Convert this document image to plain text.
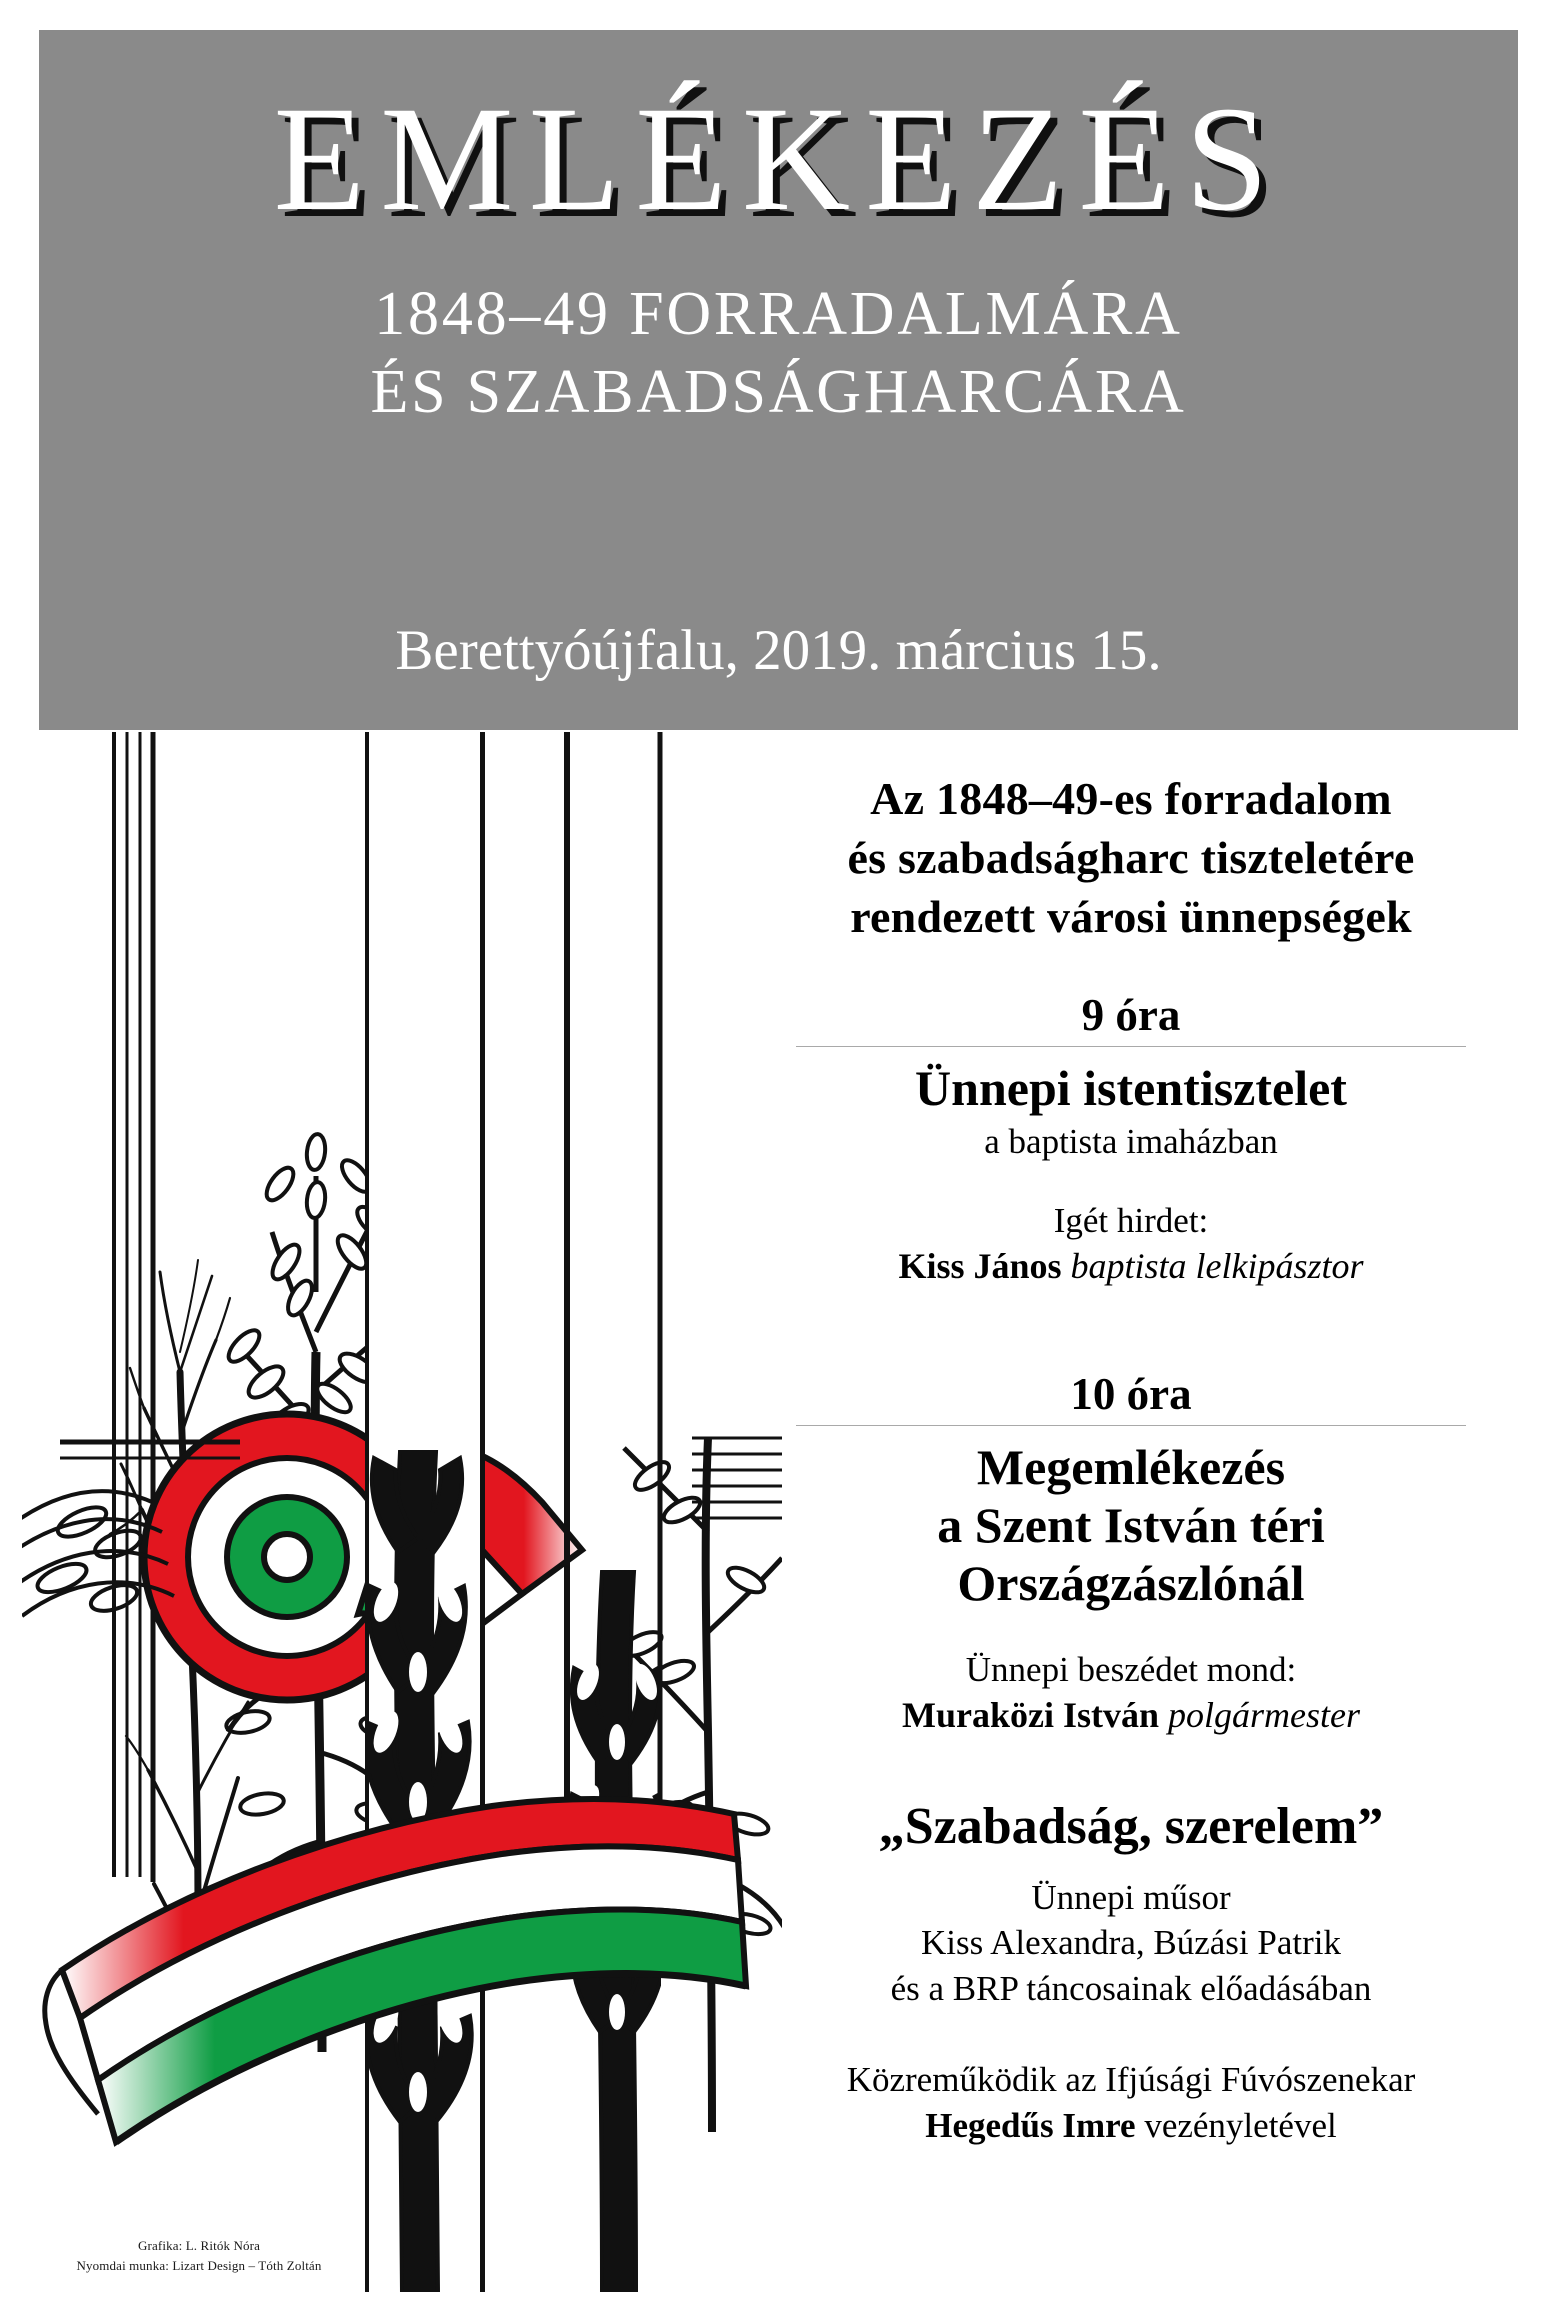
EMLÉKEZÉS
1848–49 FORRADALMÁRA
ÉS SZABADSÁGHARCÁRA
Berettyóújfalu, 2019. március 15.
Grafika: L. Ritók Nóra
Nyomdai munka: Lizart Design – Tóth Zoltán
Az 1848–49-es forradalom
és szabadságharc tiszteletére
rendezett városi ünnepségek
9 óra
Ünnepi istentisztelet
a baptista imaházban
Igét hirdet:
Kiss János baptista lelkipásztor
10 óra
Megemlékezés
a Szent István téri
Országzászlónál
Ünnepi beszédet mond:
Muraközi István polgármester
„Szabadság, szerelem”
Ünnepi műsor
Kiss Alexandra, Búzási Patrik
és a BRP táncosainak előadásában
Közreműködik az Ifjúsági Fúvószenekar
Hegedűs Imre vezényletével
